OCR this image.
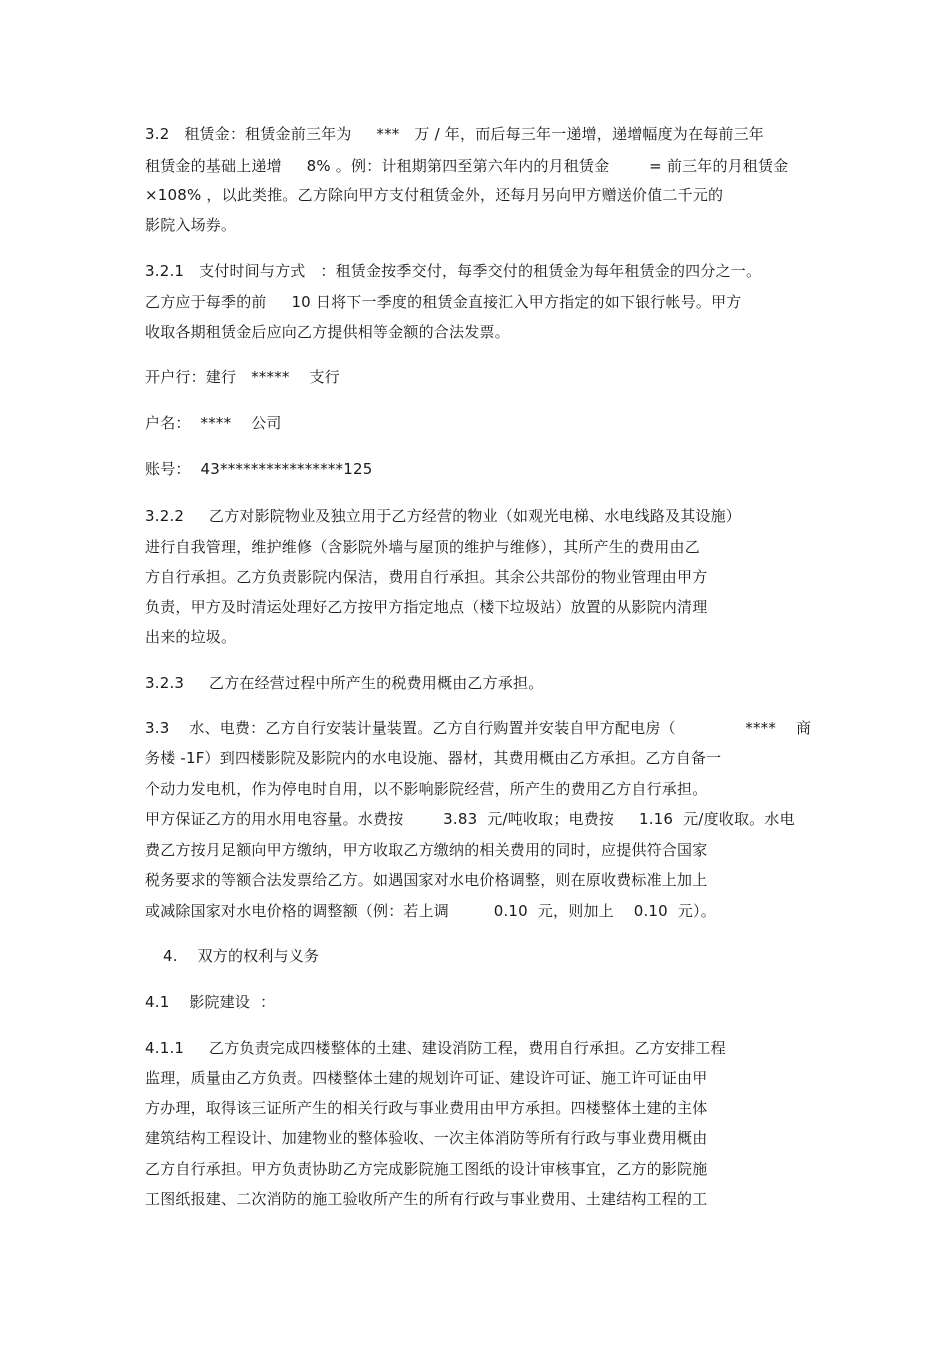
3.2   租赁金：租赁金前三年为     ***   万 / 年，而后每三年一递增，递增幅度为在每前三年
租赁金的基础上递增     8% 。例：计租期第四至第六年内的月租赁金        = 前三年的月租赁金
×108% ，以此类推。乙方除向甲方支付租赁金外，还每月另向甲方赠送价值二千元的
影院入场券。
3.2.1   支付时间与方式   ：租赁金按季交付，每季交付的租赁金为每年租赁金的四分之一。
乙方应于每季的前     10 日将下一季度的租赁金直接汇入甲方指定的如下银行帐号。甲方
收取各期租赁金后应向乙方提供相等金额的合法发票。
开户行：建行   *****    支行
户名：  ****    公司
账号：  43****************125
3.2.2     乙方对影院物业及独立用于乙方经营的物业（如观光电梯、水电线路及其设施）
进行自我管理，维护维修（含影院外墙与屋顶的维护与维修），其所产生的费用由乙
方自行承担。乙方负责影院内保洁，费用自行承担。其余公共部份的物业管理由甲方
负责，甲方及时清运处理好乙方按甲方指定地点（楼下垃圾站）放置的从影院内清理
出来的垃圾。
3.2.3     乙方在经营过程中所产生的税费用概由乙方承担。
3.3    水、电费：乙方自行安装计量装置。乙方自行购置并安装自甲方配电房（              ****    商
务楼 -1F）到四楼影院及影院内的水电设施、器材，其费用概由乙方承担。乙方自备一
个动力发电机，作为停电时自用，以不影响影院经营，所产生的费用乙方自行承担。
甲方保证乙方的用水用电容量。水费按        3.83  元/吨收取；电费按     1.16  元/度收取。水电
费乙方按月足额向甲方缴纳，甲方收取乙方缴纳的相关费用的同时，应提供符合国家
税务要求的等额合法发票给乙方。如遇国家对水电价格调整，则在原收费标准上加上
或减除国家对水电价格的调整额（例：若上调         0.10  元，则加上    0.10  元）。
4.    双方的权利与义务
4.1    影院建设  ：
4.1.1     乙方负责完成四楼整体的土建、建设消防工程，费用自行承担。乙方安排工程
监理，质量由乙方负责。四楼整体土建的规划许可证、建设许可证、施工许可证由甲
方办理，取得该三证所产生的相关行政与事业费用由甲方承担。四楼整体土建的主体
建筑结构工程设计、加建物业的整体验收、一次主体消防等所有行政与事业费用概由
乙方自行承担。甲方负责协助乙方完成影院施工图纸的设计审核事宜，乙方的影院施
工图纸报建、二次消防的施工验收所产生的所有行政与事业费用、土建结构工程的工
